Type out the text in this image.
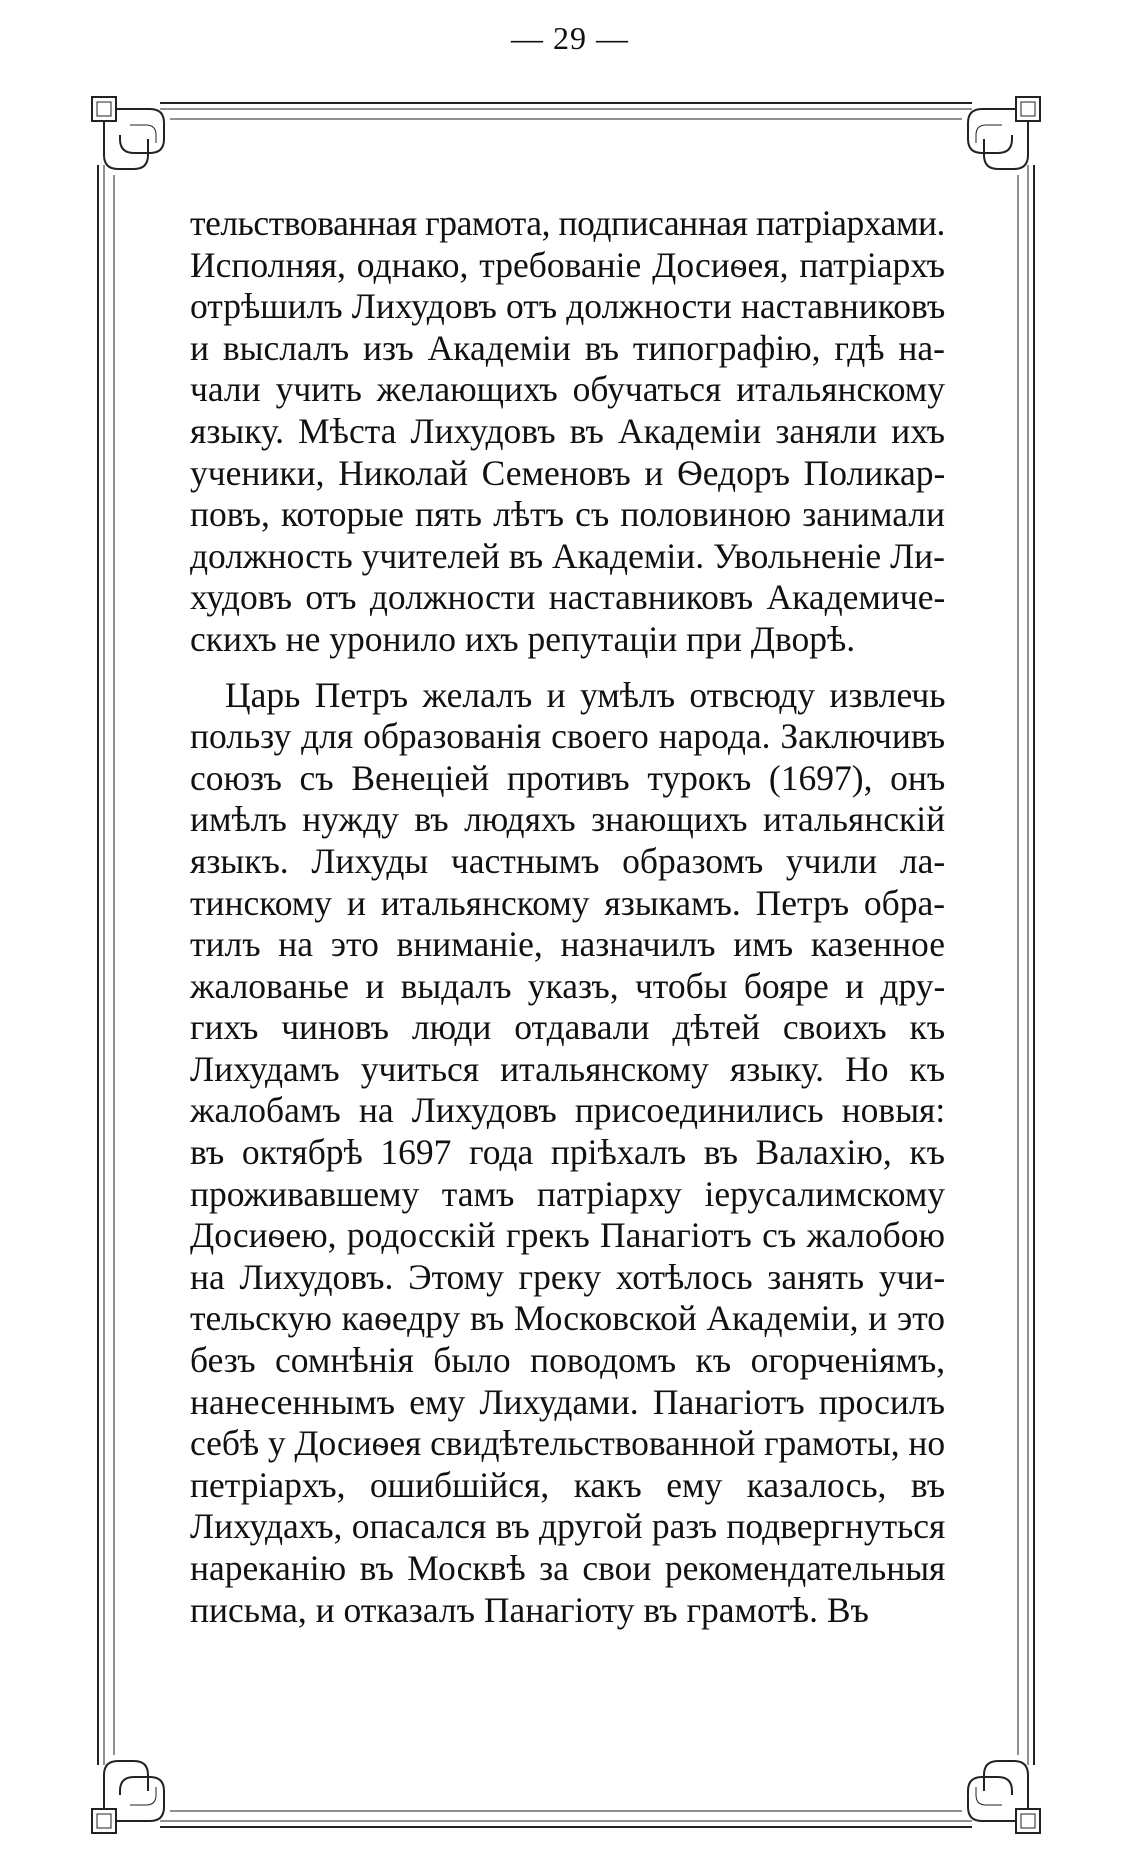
— 29 —
тельствованная грамота, подписанная патріархами.
Исполняя, однако, требованіе Досиѳея, патріархъ
отрѣшилъ Лихудовъ отъ должности наставниковъ
и выслалъ изъ Академіи въ типографію, гдѣ на-
чали учить желающихъ обучаться итальянскому
языку. Мѣста Лихудовъ въ Академіи заняли ихъ
ученики, Николай Семеновъ и Ѳедоръ Поликар-
повъ, которые пять лѣтъ съ половиною занимали
должность учителей въ Академіи. Увольненіе Ли-
худовъ отъ должности наставниковъ Академиче-
скихъ не уронило ихъ репутаціи при Дворѣ.
Царь Петръ желалъ и умѣлъ отвсюду извлечь
пользу для образованія своего народа. Заключивъ
союзъ съ Венеціей противъ турокъ (1697), онъ
имѣлъ нужду въ людяхъ знающихъ итальянскій
языкъ. Лихуды частнымъ образомъ учили ла-
тинскому и итальянскому языкамъ. Петръ обра-
тилъ на это вниманіе, назначилъ имъ казенное
жалованье и выдалъ указъ, чтобы бояре и дру-
гихъ чиновъ люди отдавали дѣтей своихъ къ
Лихудамъ учиться итальянскому языку. Но къ
жалобамъ на Лихудовъ присоединились новыя:
въ октябрѣ 1697 года пріѣхалъ въ Валахію, къ
проживавшему тамъ патріарху іерусалимскому
Досиѳею, родосскій грекъ Панагіотъ съ жалобою
на Лихудовъ. Этому греку хотѣлось занять учи-
тельскую каѳедру въ Московской Академіи, и это
безъ сомнѣнія было поводомъ къ огорченіямъ,
нанесеннымъ ему Лихудами. Панагіотъ просилъ
себѣ у Досиѳея свидѣтельствованной грамоты, но
петріархъ, ошибшійся, какъ ему казалось, въ
Лихудахъ, опасался въ другой разъ подвергнуться
нареканію въ Москвѣ за свои рекомендательныя
письма, и отказалъ Панагіоту въ грамотѣ. Въ
